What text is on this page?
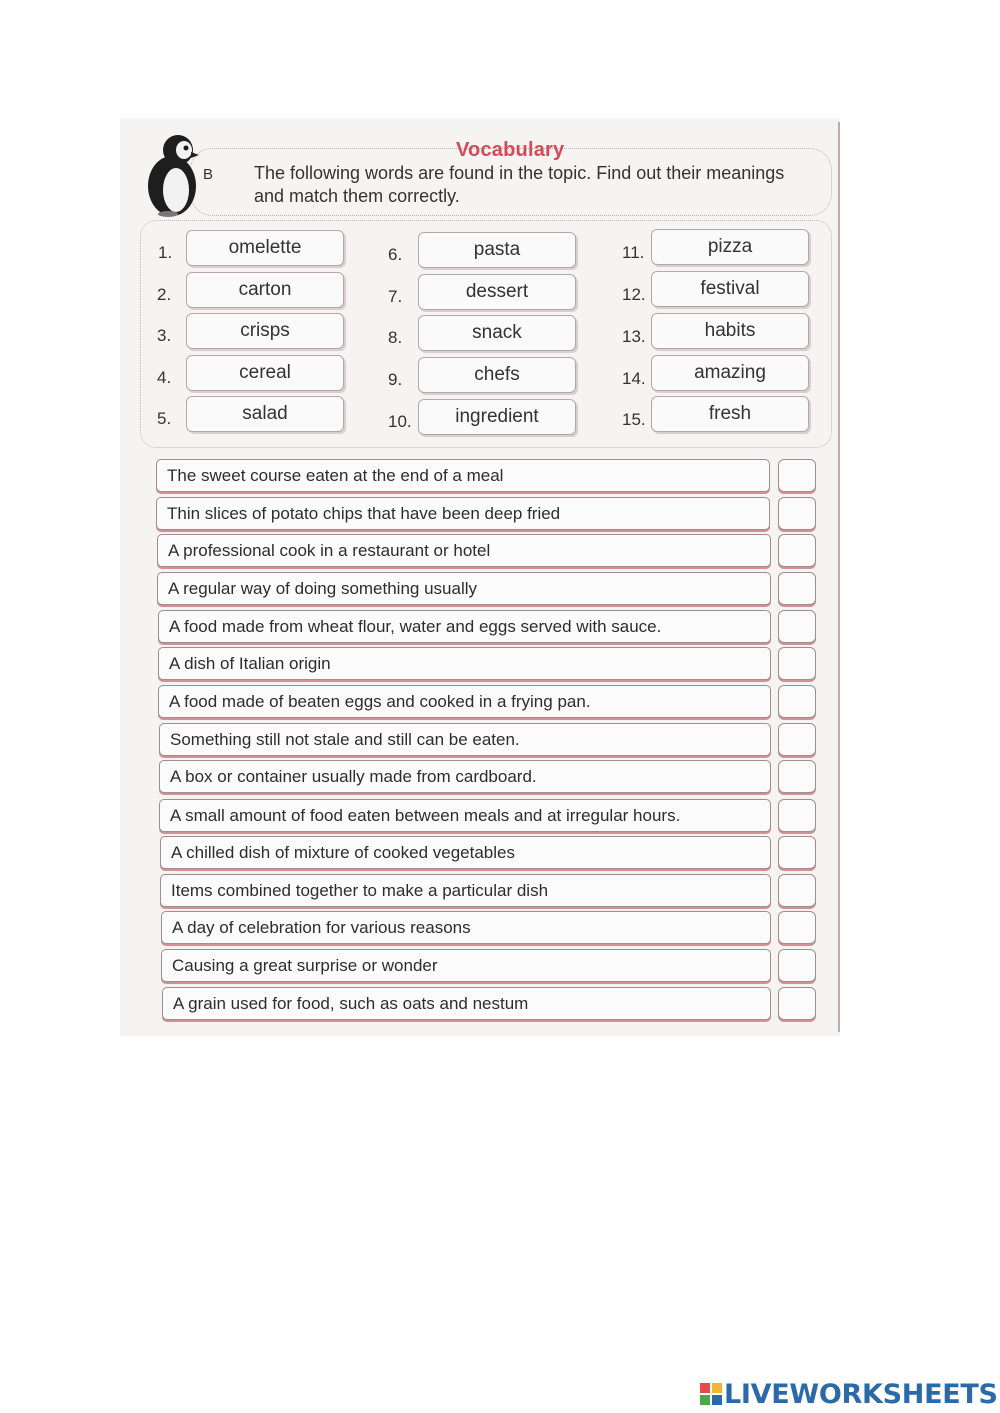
Vocabulary
B The following words are found in the topic. Find out their meanings and match them correctly.
1.	omelette
2.	carton
3.	crisps
4.	cereal
5.	salad
6.	pasta
7.	dessert
8.	snack
9.	chefs
10.	ingredient
11.	pizza
12.	festival
13.	habits
14.	amazing
15.	fresh
The sweet course eaten at the end of a meal
Thin slices of potato chips that have been deep fried
A professional cook in a restaurant or hotel
A regular way of doing something usually
A food made from wheat flour, water and eggs served with sauce.
A dish of Italian origin
A food made of beaten eggs and cooked in a frying pan.
Something still not stale and still can be eaten.
A box or container usually made from cardboard.
A small amount of food eaten between meals and at irregular hours.
A chilled dish of mixture of cooked vegetables
Items combined together to make a particular dish
A day of celebration for various reasons
Causing a great surprise or wonder
A grain used for food, such as oats and nestum
LIVEWORKSHEETS
